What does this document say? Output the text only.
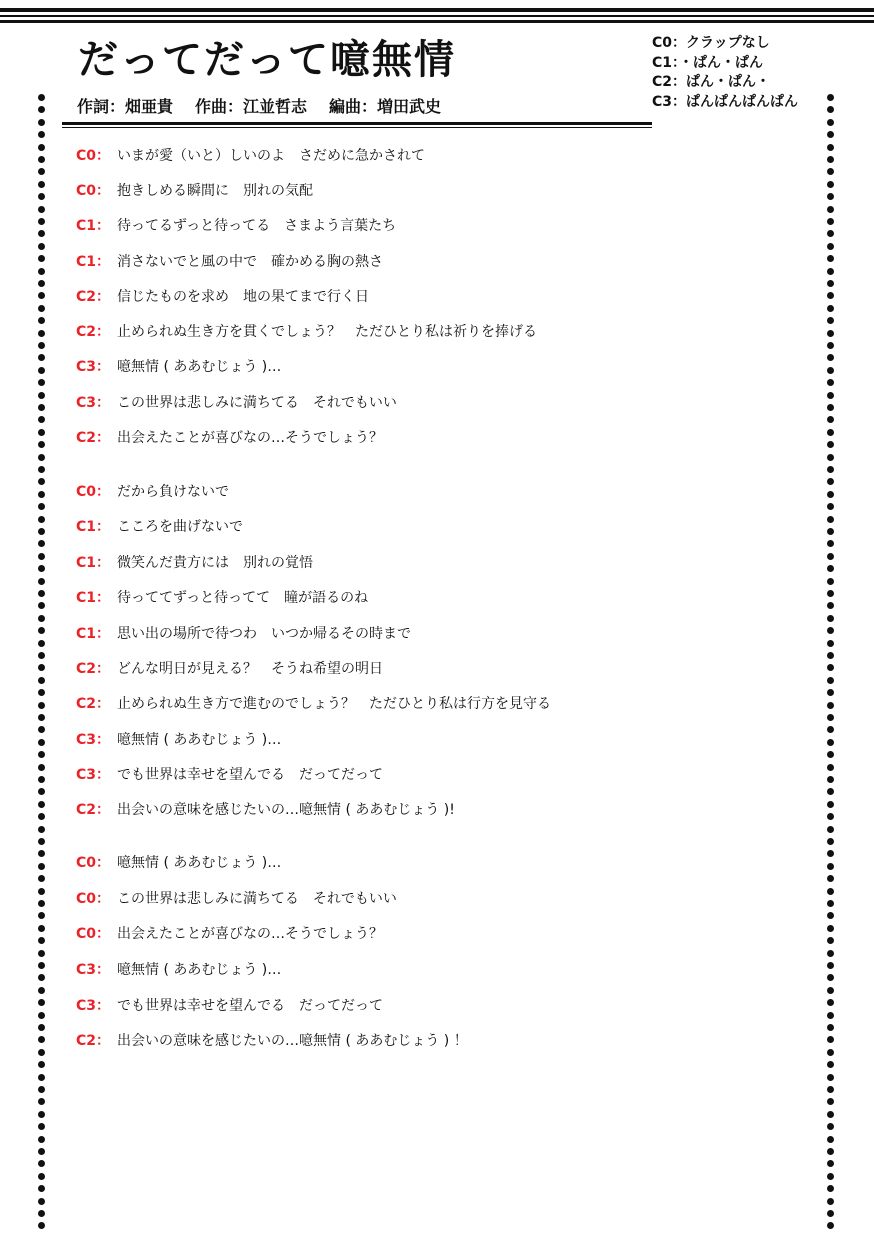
だってだって噫無情
作詞：畑亜貴 作曲：江並哲志 編曲：増田武史
C0：クラップなし
C1：・ぱん・ぱん
C2：ぱん・ぱん・
C3：ぱんぱんぱんぱん
C0： いまが愛（いと）しいのよ　さだめに急かされて
C0： 抱きしめる瞬間に　別れの気配
C1： 待ってるずっと待ってる　さまよう言葉たち
C1： 消さないでと風の中で　確かめる胸の熱さ
C2： 信じたものを求め　地の果てまで行く日
C2： 止められぬ生き方を貫くでしょう？　ただひとり私は祈りを捧げる
C3： 噫無情 ( ああむじょう )…
C3： この世界は悲しみに満ちてる　それでもいい
C2： 出会えたことが喜びなの…そうでしょう？
C0： だから負けないで
C1： こころを曲げないで
C1： 微笑んだ貴方には　別れの覚悟
C1： 待っててずっと待ってて　瞳が語るのね
C1： 思い出の場所で待つわ　いつか帰るその時まで
C2： どんな明日が見える？　そうね希望の明日
C2： 止められぬ生き方で進むのでしょう？　ただひとり私は行方を見守る
C3： 噫無情 ( ああむじょう )…
C3： でも世界は幸せを望んでる　だってだって
C2： 出会いの意味を感じたいの…噫無情 ( ああむじょう )!
C0： 噫無情 ( ああむじょう )…
C0： この世界は悲しみに満ちてる　それでもいい
C0： 出会えたことが喜びなの…そうでしょう？
C3： 噫無情 ( ああむじょう )…
C3： でも世界は幸せを望んでる　だってだって
C2： 出会いの意味を感じたいの…噫無情 ( ああむじょう ) ！
